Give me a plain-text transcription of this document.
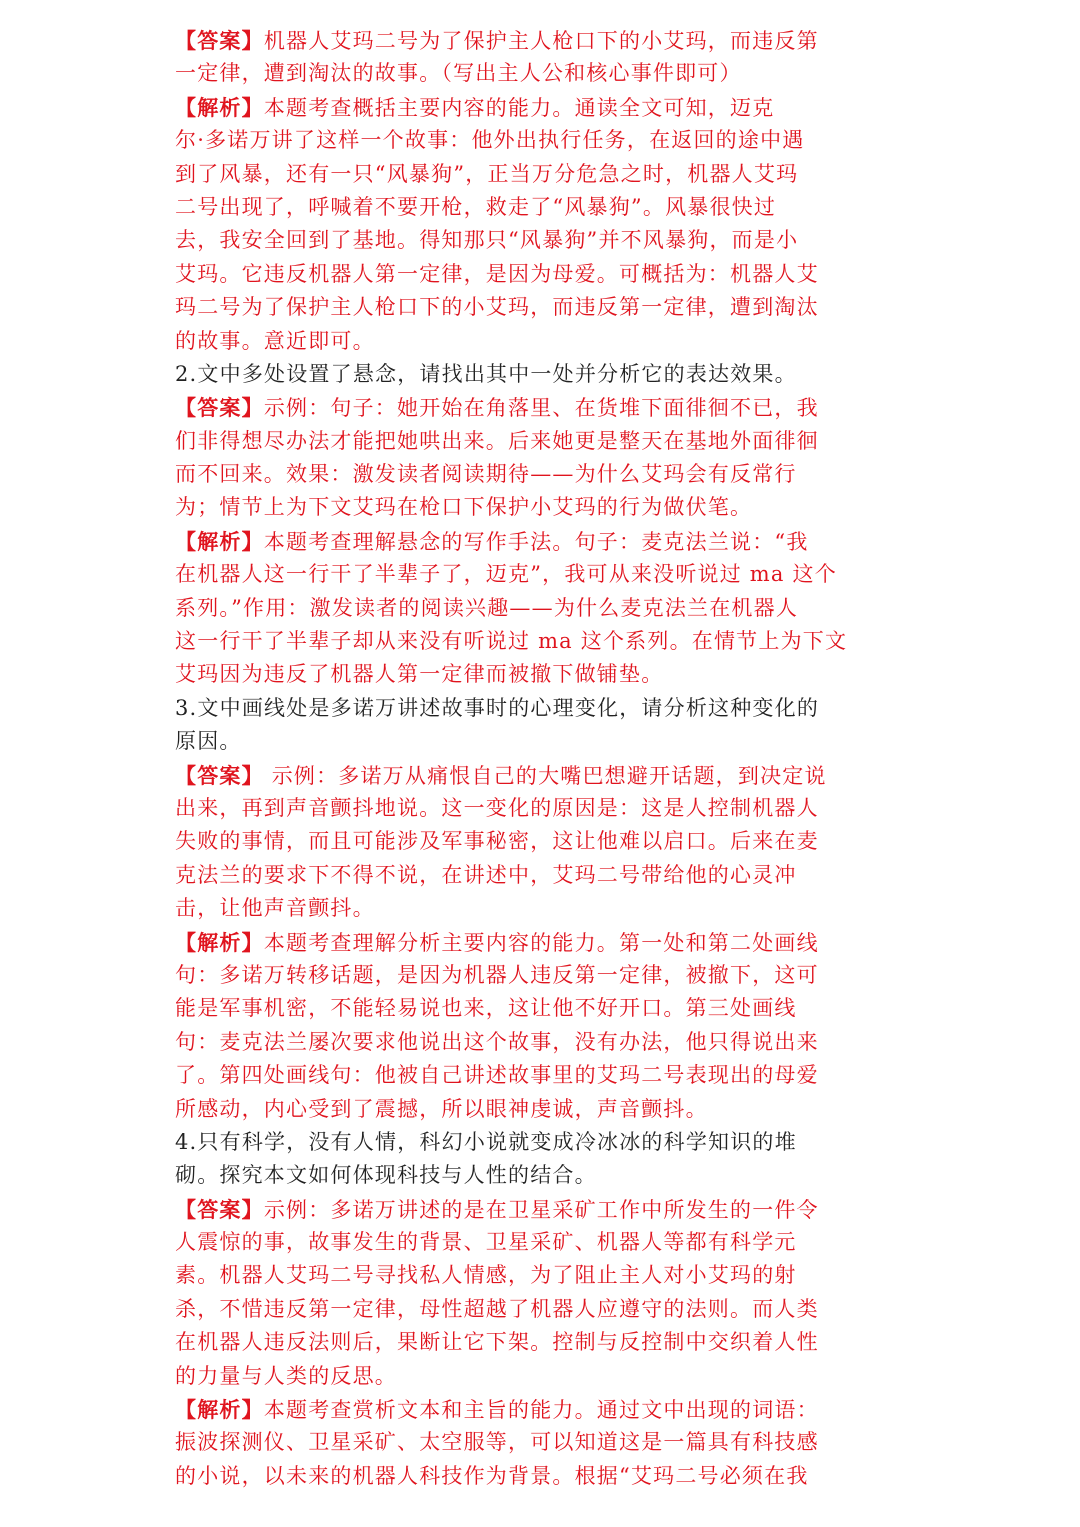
【答案】机器人艾玛二号为了保护主人枪口下的小艾玛，而违反第
一定律，遭到淘汰的故事。（写出主人公和核心事件即可）
【解析】本题考查概括主要内容的能力。通读全文可知，迈克
尔·多诺万讲了这样一个故事：他外出执行任务，在返回的途中遇
到了风暴，还有一只“风暴狗”，正当万分危急之时，机器人艾玛
二号出现了，呼喊着不要开枪，救走了“风暴狗”。风暴很快过
去，我安全回到了基地。得知那只“风暴狗”并不风暴狗，而是小
艾玛。它违反机器人第一定律，是因为母爱。可概括为：机器人艾
玛二号为了保护主人枪口下的小艾玛，而违反第一定律，遭到淘汰
的故事。意近即可。
2.文中多处设置了悬念，请找出其中一处并分析它的表达效果。
【答案】示例：句子：她开始在角落里、在货堆下面徘徊不已，我
们非得想尽办法才能把她哄出来。后来她更是整天在基地外面徘徊
而不回来。效果：激发读者阅读期待——为什么艾玛会有反常行
为；情节上为下文艾玛在枪口下保护小艾玛的行为做伏笔。
【解析】本题考查理解悬念的写作手法。句子：麦克法兰说：“我
在机器人这一行干了半辈子了，迈克”，我可从来没听说过 ma 这个
系列。”作用：激发读者的阅读兴趣——为什么麦克法兰在机器人
这一行干了半辈子却从来没有听说过 ma 这个系列。在情节上为下文
艾玛因为违反了机器人第一定律而被撤下做铺垫。
3.文中画线处是多诺万讲述故事时的心理变化，请分析这种变化的
原因。
【答案】 示例：多诺万从痛恨自己的大嘴巴想避开话题，到决定说
出来，再到声音颤抖地说。这一变化的原因是：这是人控制机器人
失败的事情，而且可能涉及军事秘密，这让他难以启口。后来在麦
克法兰的要求下不得不说，在讲述中，艾玛二号带给他的心灵冲
击，让他声音颤抖。
【解析】本题考查理解分析主要内容的能力。第一处和第二处画线
句：多诺万转移话题，是因为机器人违反第一定律，被撤下，这可
能是军事机密，不能轻易说也来，这让他不好开口。第三处画线
句：麦克法兰屡次要求他说出这个故事，没有办法，他只得说出来
了。第四处画线句：他被自己讲述故事里的艾玛二号表现出的母爱
所感动，内心受到了震撼，所以眼神虔诚，声音颤抖。
4.只有科学，没有人情，科幻小说就变成冷冰冰的科学知识的堆
砌。探究本文如何体现科技与人性的结合。
【答案】示例：多诺万讲述的是在卫星采矿工作中所发生的一件令
人震惊的事，故事发生的背景、卫星采矿、机器人等都有科学元
素。机器人艾玛二号寻找私人情感，为了阻止主人对小艾玛的射
杀，不惜违反第一定律，母性超越了机器人应遵守的法则。而人类
在机器人违反法则后，果断让它下架。控制与反控制中交织着人性
的力量与人类的反思。
【解析】本题考查赏析文本和主旨的能力。通过文中出现的词语：
振波探测仪、卫星采矿、太空服等，可以知道这是一篇具有科技感
的小说，以未来的机器人科技作为背景。根据“艾玛二号必须在我
